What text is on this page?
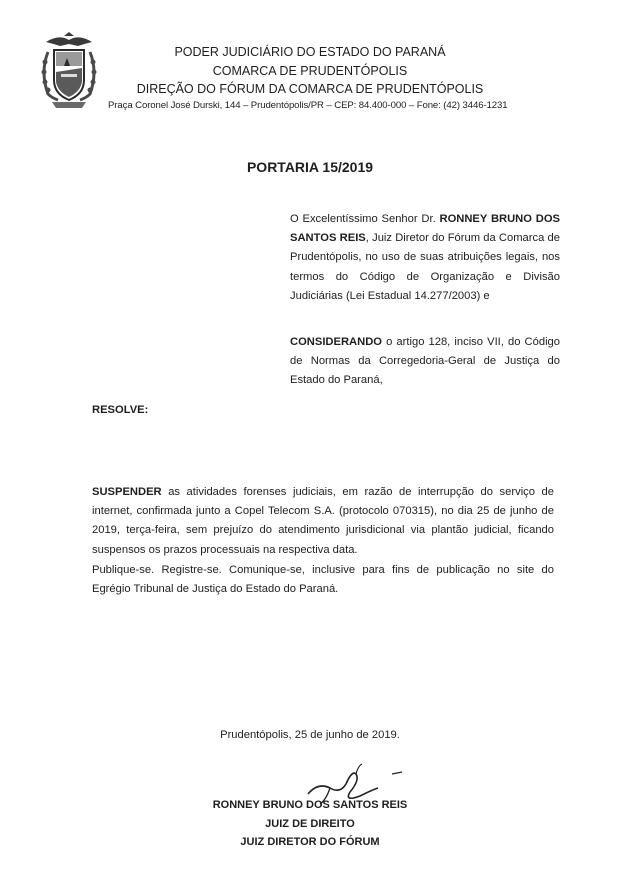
PODER JUDICIÁRIO DO ESTADO DO PARANÁ
COMARCA DE PRUDENTÓPOLIS
DIREÇÃO DO FÓRUM DA COMARCA DE PRUDENTÓPOLIS
Praça Coronel José Durski, 144 – Prudentópolis/PR – CEP: 84.400-000 – Fone: (42) 3446-1231
PORTARIA 15/2019
O Excelentíssimo Senhor Dr. RONNEY BRUNO DOS SANTOS REIS, Juiz Diretor do Fórum da Comarca de Prudentópolis, no uso de suas atribuições legais, nos termos do Código de Organização e Divisão Judiciárias (Lei Estadual 14.277/2003) e
CONSIDERANDO o artigo 128, inciso VII, do Código de Normas da Corregedoria-Geral de Justiça do Estado do Paraná,
RESOLVE:
SUSPENDER as atividades forenses judiciais, em razão de interrupção do serviço de internet, confirmada junto a Copel Telecom S.A. (protocolo 070315), no dia 25 de junho de 2019, terça-feira, sem prejuízo do atendimento jurisdicional via plantão judicial, ficando suspensos os prazos processuais na respectiva data.
Publique-se. Registre-se. Comunique-se, inclusive para fins de publicação no site do Egrégio Tribunal de Justiça do Estado do Paraná.
Prudentópolis, 25 de junho de 2019.
RONNEY BRUNO DOS SANTOS REIS
JUIZ DE DIREITO
JUIZ DIRETOR DO FÓRUM
